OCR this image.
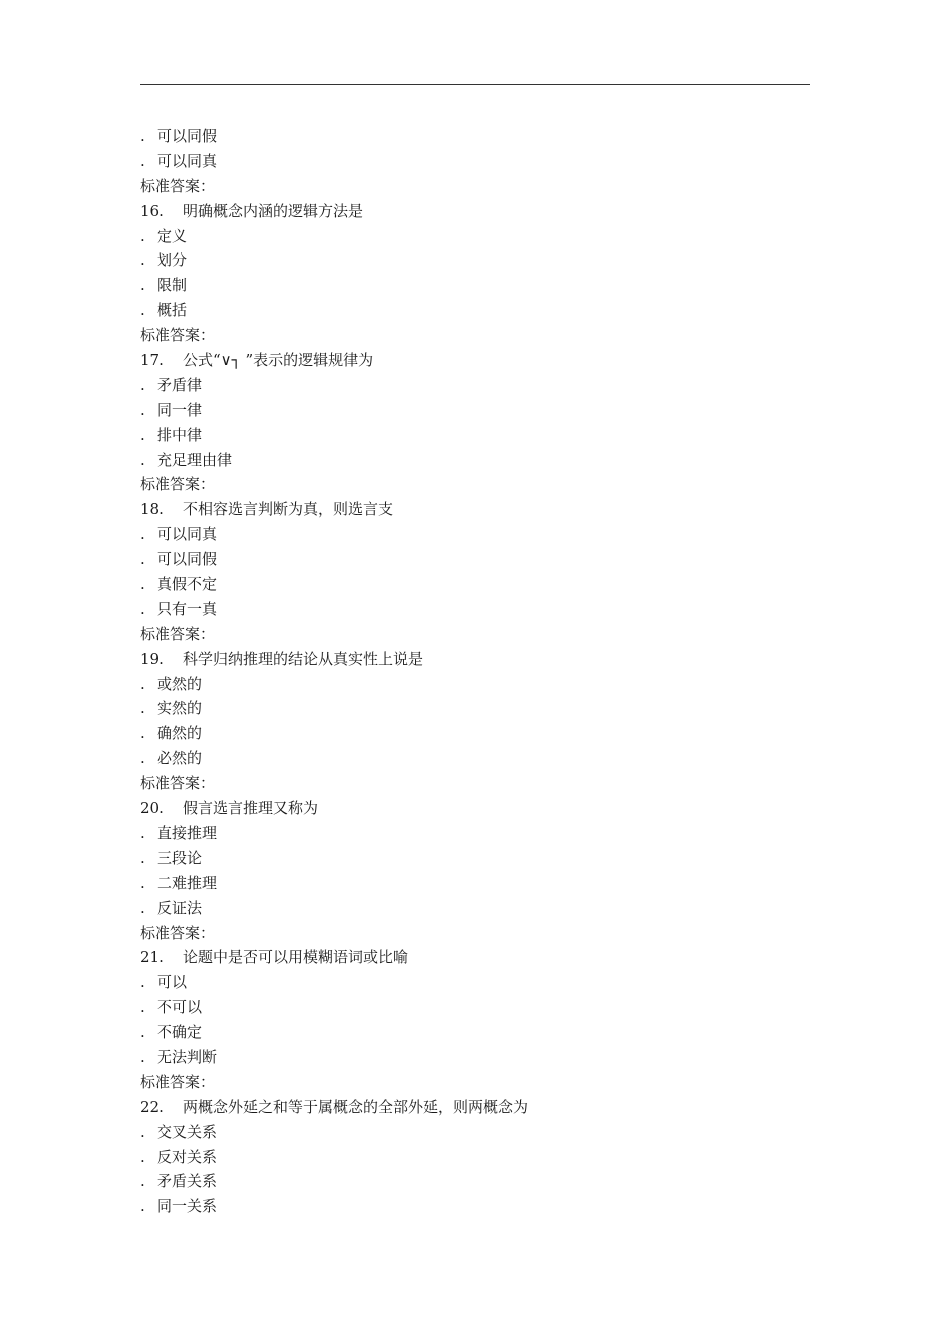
. 可以同假
. 可以同真
标准答案：
16. 明确概念内涵的逻辑方法是
. 定义
. 划分
. 限制
. 概括
标准答案：
17. 公式“∨┐ ”表示的逻辑规律为
. 矛盾律
. 同一律
. 排中律
. 充足理由律
标准答案：
18. 不相容选言判断为真，则选言支
. 可以同真
. 可以同假
. 真假不定
. 只有一真
标准答案：
19. 科学归纳推理的结论从真实性上说是
. 或然的
. 实然的
. 确然的
. 必然的
标准答案：
20. 假言选言推理又称为
. 直接推理
. 三段论
. 二难推理
. 反证法
标准答案：
21. 论题中是否可以用模糊语词或比喻
. 可以
. 不可以
. 不确定
. 无法判断
标准答案：
22. 两概念外延之和等于属概念的全部外延，则两概念为
. 交叉关系
. 反对关系
. 矛盾关系
. 同一关系
